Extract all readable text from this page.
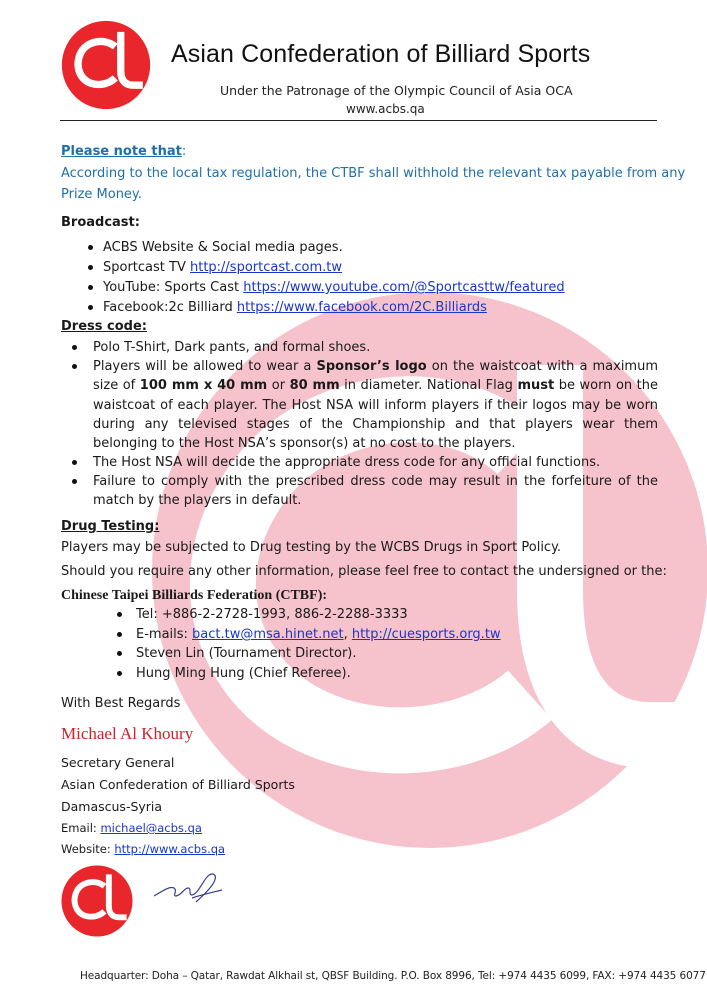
Asian Confederation of Billiard Sports
Under the Patronage of the Olympic Council of Asia OCA
www.acbs.qa
Please note that:
According to the local tax regulation, the CTBF shall withhold the relevant tax payable from any
Prize Money.
Broadcast:
ACBS Website & Social media pages.
Sportcast TV http://sportcast.com.tw
YouTube: Sports Cast https://www.youtube.com/@Sportcasttw/featured
Facebook:2c Billiard https://www.facebook.com/2C.Billiards
Dress code:
Polo T-Shirt, Dark pants, and formal shoes.
Players will be allowed to wear a Sponsor’s logo on the waistcoat with a maximum size of 100 mm x 40 mm or 80 mm in diameter. National Flag must be worn on the waistcoat of each player. The Host NSA will inform players if their logos may be worn during any televised stages of the Championship and that players wear them belonging to the Host NSA’s sponsor(s) at no cost to the players.
The Host NSA will decide the appropriate dress code for any official functions.
Failure to comply with the prescribed dress code may result in the forfeiture of the match by the players in default.
Drug Testing:
Players may be subjected to Drug testing by the WCBS Drugs in Sport Policy.
Should you require any other information, please feel free to contact the undersigned or the:
Chinese Taipei Billiards Federation (CTBF):
Tel: +886-2-2728-1993, 886-2-2288-3333
E-mails: bact.tw@msa.hinet.net, http://cuesports.org.tw
Steven Lin (Tournament Director).
Hung Ming Hung (Chief Referee).
With Best Regards
Michael Al Khoury
Secretary General
Asian Confederation of Billiard Sports
Damascus-Syria
Email: michael@acbs.qa
Website: http://www.acbs.qa
Headquarter: Doha – Qatar, Rawdat Alkhail st, QBSF Building. P.O. Box 8996, Tel: +974 4435 6099, FAX: +974 4435 6077
